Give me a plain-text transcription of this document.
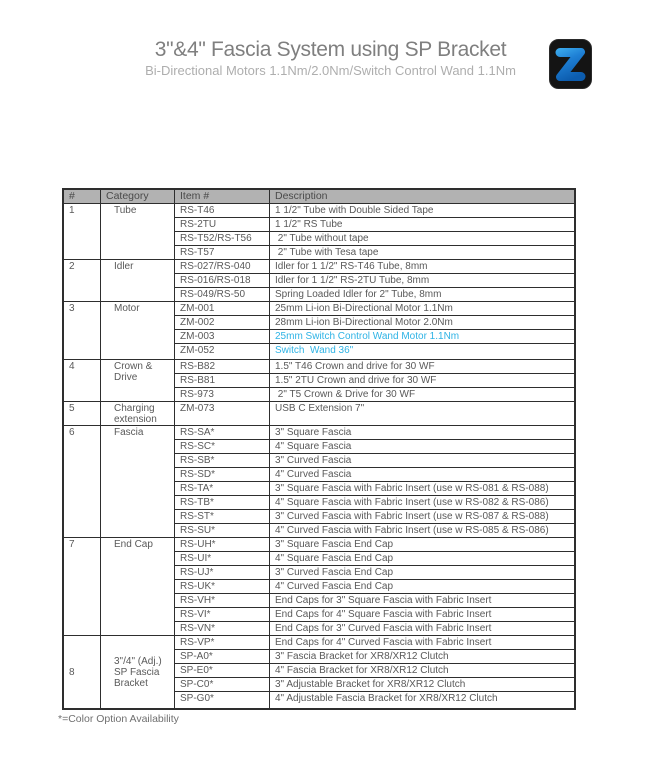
3"&4" Fascia System using SP Bracket
Bi-Directional Motors 1.1Nm/2.0Nm/Switch Control Wand 1.1Nm
#	Category	Item #	Description
1	Tube	RS-T46	1 1/2" Tube with Double Sided Tape
		RS-2TU	1 1/2" RS Tube
		RS-T52/RS-T56	2" Tube without tape
		RS-T57	2" Tube with Tesa tape
2	Idler	RS-027/RS-040	Idler for 1 1/2" RS-T46 Tube, 8mm
		RS-016/RS-018	Idler for 1 1/2" RS-2TU Tube, 8mm
		RS-049/RS-50	Spring Loaded Idler for 2" Tube, 8mm
3	Motor	ZM-001	25mm Li-ion Bi-Directional Motor 1.1Nm
		ZM-002	28mm Li-ion Bi-Directional Motor 2.0Nm
		ZM-003	25mm Switch Control Wand Motor 1.1Nm
		ZM-052	Switch  Wand 36"
4	Crown & Drive	RS-B82	1.5" T46 Crown and drive for 30 WF
		RS-B81	1.5" 2TU Crown and drive for 30 WF
		RS-973	2" T5 Crown & Drive for 30 WF
5	Charging extension	ZM-073	USB C Extension 7"
6	Fascia	RS-SA*	3" Square Fascia
		RS-SC*	4" Square Fascia
		RS-SB*	3" Curved Fascia
		RS-SD*	4" Curved Fascia
		RS-TA*	3" Square Fascia with Fabric Insert (use w RS-081 & RS-088)
		RS-TB*	4" Square Fascia with Fabric Insert (use w RS-082 & RS-086)
		RS-ST*	3" Curved Fascia with Fabric Insert (use w RS-087 & RS-088)
		RS-SU*	4" Curved Fascia with Fabric Insert (use w RS-085 & RS-086)
7	End Cap	RS-UH*	3" Square Fascia End Cap
		RS-UI*	4" Square Fascia End Cap
		RS-UJ*	3" Curved Fascia End Cap
		RS-UK*	4" Curved Fascia End Cap
		RS-VH*	End Caps for 3" Square Fascia with Fabric Insert
		RS-VI*	End Caps for 4" Square Fascia with Fabric Insert
		RS-VN*	End Caps for 3" Curved Fascia with Fabric Insert
8	3"/4" (Adj.) SP Fascia Bracket	RS-VP*	End Caps for 4" Curved Fascia with Fabric Insert
		SP-A0*	3" Fascia Bracket for XR8/XR12 Clutch
		SP-E0*	4" Fascia Bracket for XR8/XR12 Clutch
		SP-C0*	3" Adjustable Bracket for XR8/XR12 Clutch
		SP-G0*	4" Adjustable Fascia Bracket for XR8/XR12 Clutch
*=Color Option Availability
